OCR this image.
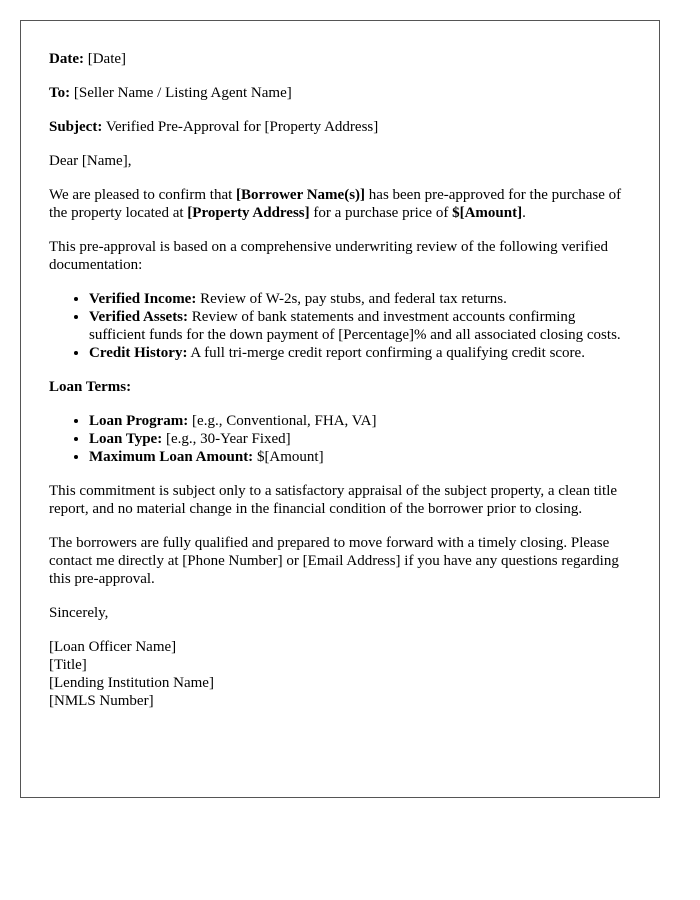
Date: [Date]

To: [Seller Name / Listing Agent Name]

Subject: Verified Pre-Approval for [Property Address]

Dear [Name],

We are pleased to confirm that [Borrower Name(s)] has been pre-approved for the purchase of the property located at [Property Address] for a purchase price of $[Amount].

This pre-approval is based on a comprehensive underwriting review of the following verified documentation:

• Verified Income: Review of W-2s, pay stubs, and federal tax returns.
• Verified Assets: Review of bank statements and investment accounts confirming sufficient funds for the down payment of [Percentage]% and all associated closing costs.
• Credit History: A full tri-merge credit report confirming a qualifying credit score.

Loan Terms:

• Loan Program: [e.g., Conventional, FHA, VA]
• Loan Type: [e.g., 30-Year Fixed]
• Maximum Loan Amount: $[Amount]

This commitment is subject only to a satisfactory appraisal of the subject property, a clean title report, and no material change in the financial condition of the borrower prior to closing.

The borrowers are fully qualified and prepared to move forward with a timely closing. Please contact me directly at [Phone Number] or [Email Address] if you have any questions regarding this pre-approval.

Sincerely,

[Loan Officer Name]
[Title]
[Lending Institution Name]
[NMLS Number]
